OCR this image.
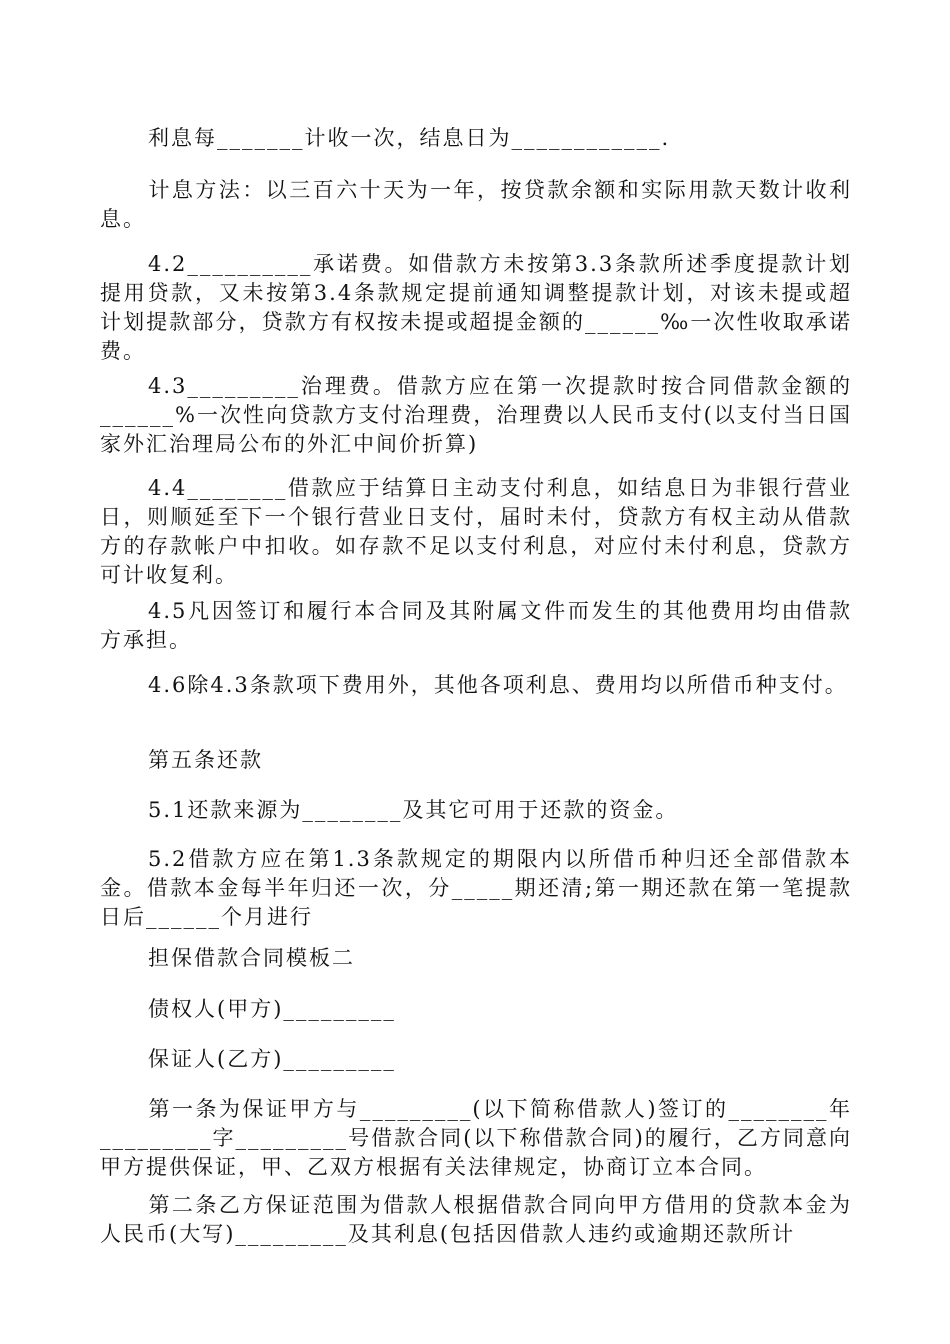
利息每_______计收一次，结息日为____________.

计息方法：以三百六十天为一年，按贷款余额和实际用款天数计收利息。

4.2__________承诺费。如借款方未按第3.3条款所述季度提款计划提用贷款，又未按第3.4条款规定提前通知调整提款计划，对该未提或超计划提款部分，贷款方有权按未提或超提金额的______‰一次性收取承诺费。

4.3_________治理费。借款方应在第一次提款时按合同借款金额的______%一次性向贷款方支付治理费，治理费以人民币支付(以支付当日国家外汇治理局公布的外汇中间价折算)

4.4________借款应于结算日主动支付利息，如结息日为非银行营业日，则顺延至下一个银行营业日支付，届时未付，贷款方有权主动从借款方的存款帐户中扣收。如存款不足以支付利息，对应付未付利息，贷款方可计收复利。

4.5凡因签订和履行本合同及其附属文件而发生的其他费用均由借款方承担。

4.6除4.3条款项下费用外，其他各项利息、费用均以所借币种支付。

第五条还款

5.1还款来源为________及其它可用于还款的资金。

5.2借款方应在第1.3条款规定的期限内以所借币种归还全部借款本金。借款本金每半年归还一次，分_____期还清;第一期还款在第一笔提款日后______个月进行

担保借款合同模板二

债权人(甲方)_________

保证人(乙方)_________

第一条为保证甲方与_________(以下简称借款人)签订的________年_________字_________号借款合同(以下称借款合同)的履行，乙方同意向甲方提供保证，甲、乙双方根据有关法律规定，协商订立本合同。

第二条乙方保证范围为借款人根据借款合同向甲方借用的贷款本金为人民币(大写)_________及其利息(包括因借款人违约或逾期还款所计
